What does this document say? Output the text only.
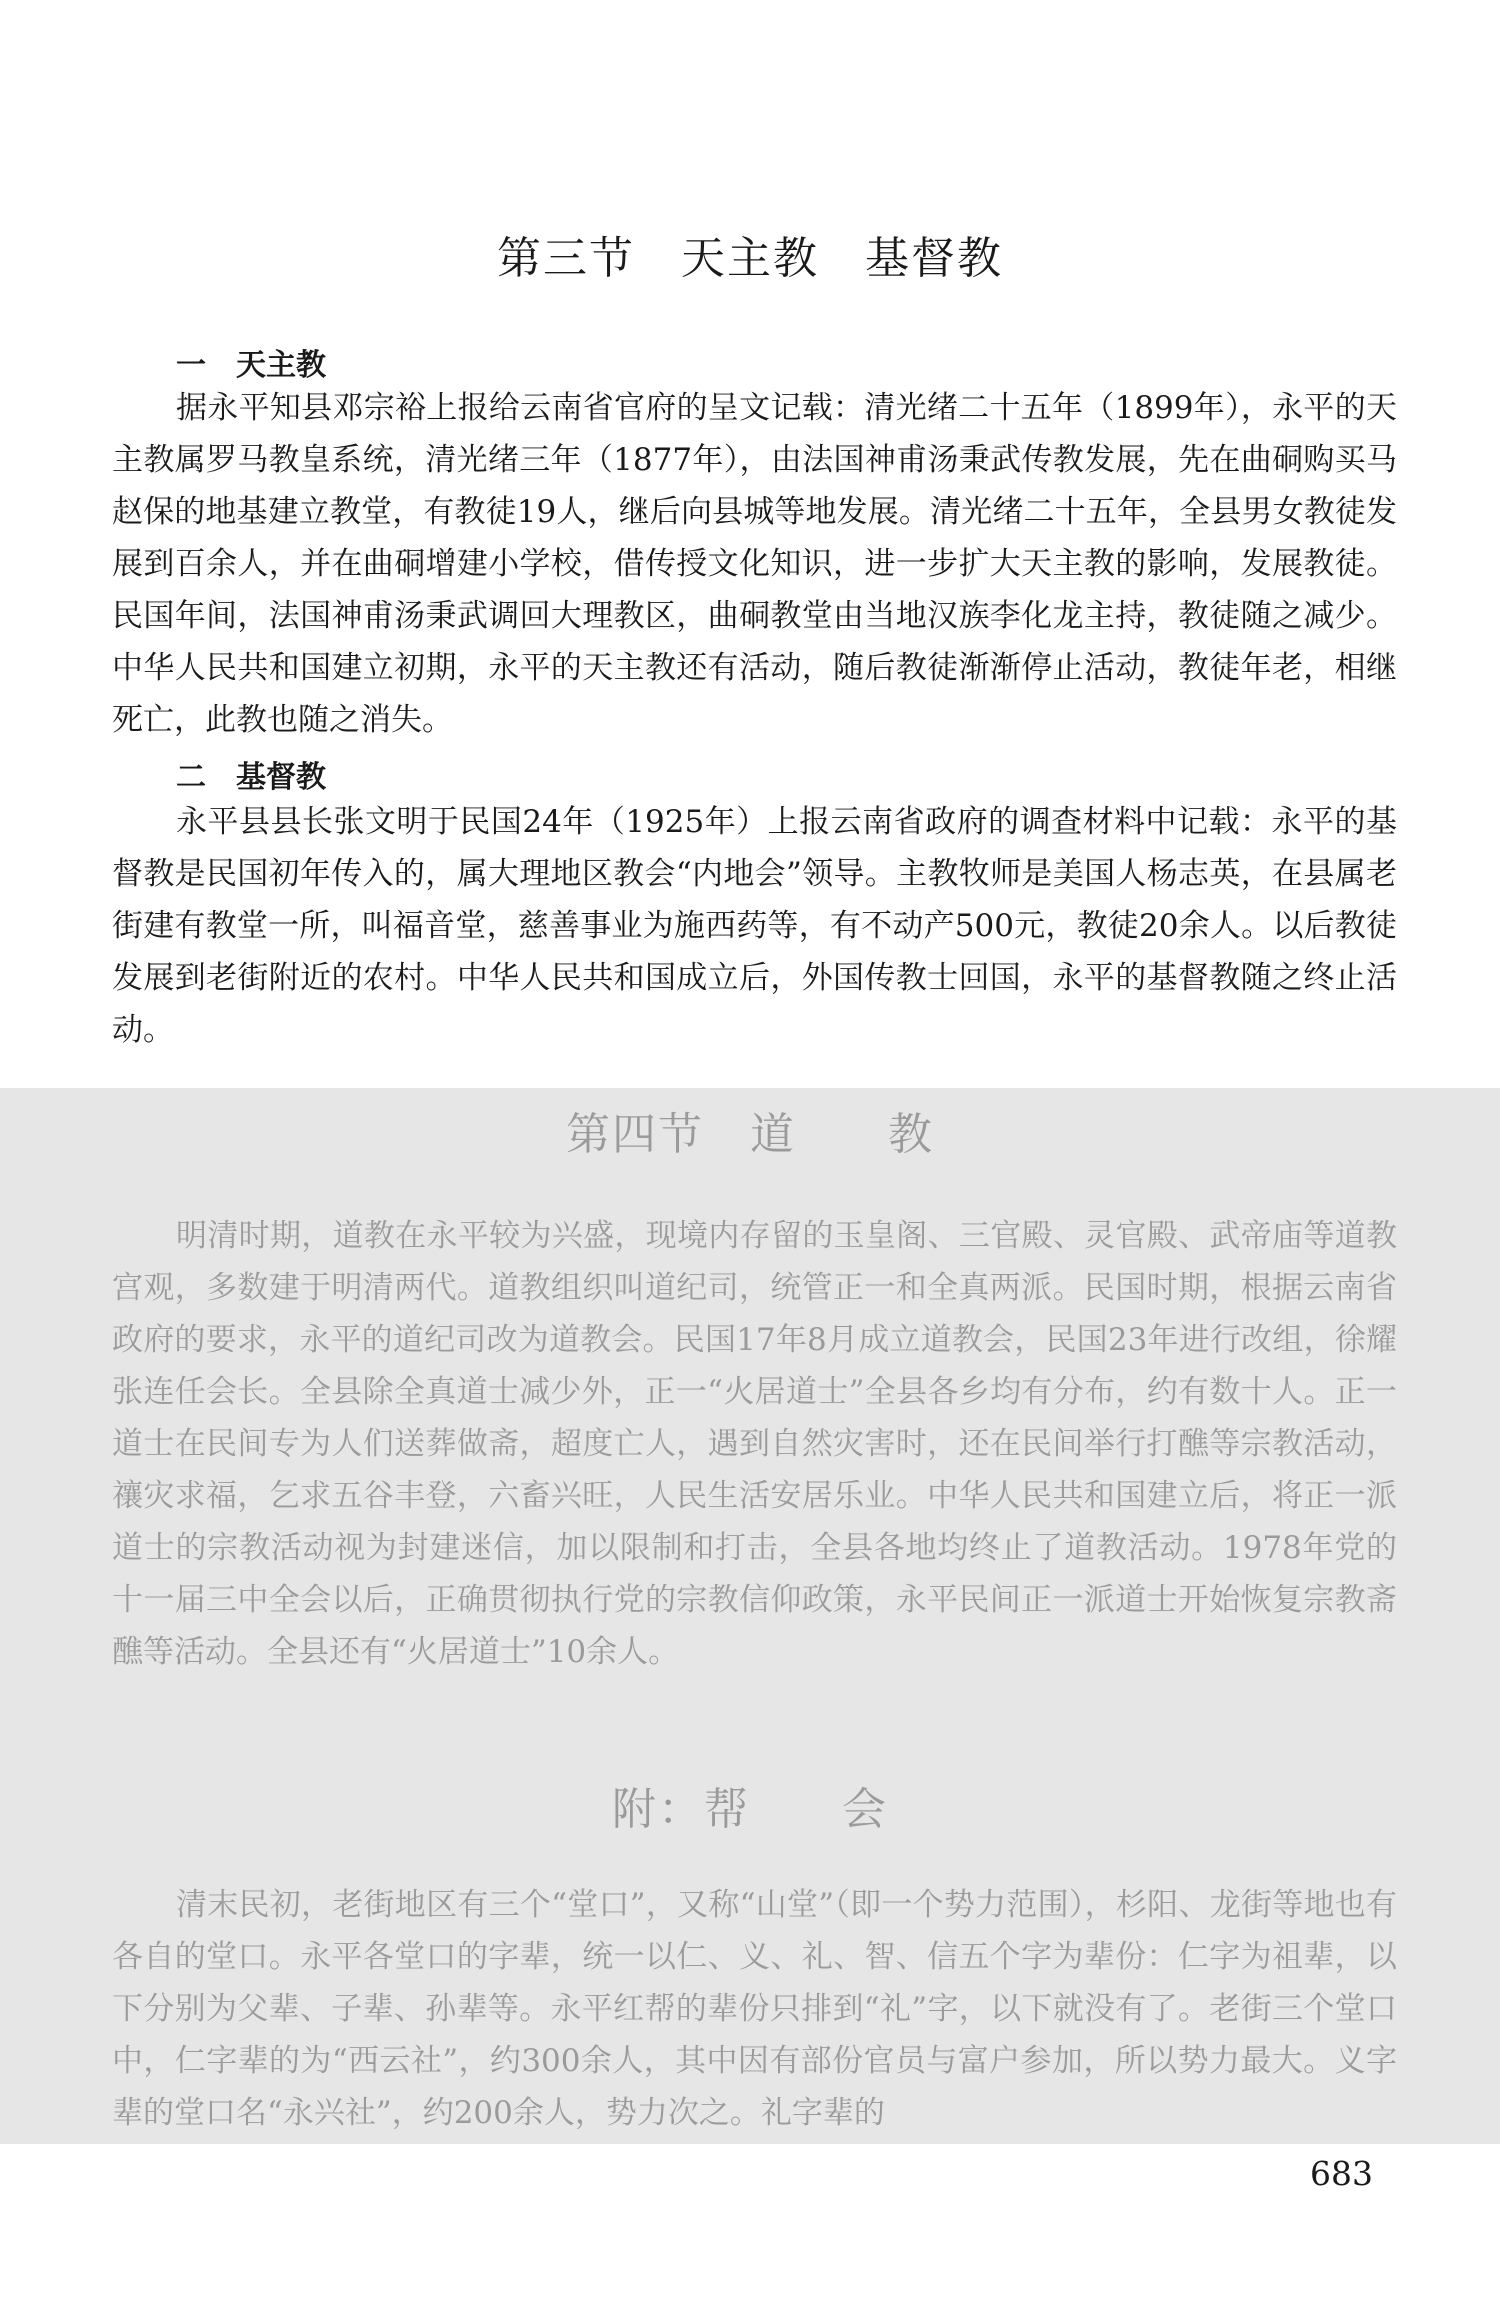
第三节　天主教　基督教
一　天主教

据永平知县邓宗裕上报给云南省官府的呈文记载：清光绪二十五年（1899年），永平的天主教属罗马教皇系统，清光绪三年（1877年），由法国神甫汤秉武传教发展，先在曲硐购买马赵保的地基建立教堂，有教徒19人，继后向县城等地发展。清光绪二十五年，全县男女教徒发展到百余人，并在曲硐增建小学校，借传授文化知识，进一步扩大天主教的影响，发展教徒。民国年间，法国神甫汤秉武调回大理教区，曲硐教堂由当地汉族李化龙主持，教徒随之减少。中华人民共和国建立初期，永平的天主教还有活动，随后教徒渐渐停止活动，教徒年老，相继死亡，此教也随之消失。

二　基督教

永平县县长张文明于民国24年（1925年）上报云南省政府的调查材料中记载：永平的基督教是民国初年传入的，属大理地区教会“内地会”领导。主教牧师是美国人杨志英，在县属老街建有教堂一所，叫福音堂，慈善事业为施西药等，有不动产500元，教徒20余人。以后教徒发展到老街附近的农村。中华人民共和国成立后，外国传教士回国，永平的基督教随之终止活动。

第四节　道　　教

明清时期，道教在永平较为兴盛，现境内存留的玉皇阁、三官殿、灵官殿、武帝庙等道教宫观，多数建于明清两代。道教组织叫道纪司，统管正一和全真两派。民国时期，根据云南省政府的要求，永平的道纪司改为道教会。民国17年8月成立道教会，民国23年进行改组，徐耀张连任会长。全县除全真道士减少外，正一“火居道士”全县各乡均有分布，约有数十人。正一道士在民间专为人们送葬做斋，超度亡人，遇到自然灾害时，还在民间举行打醮等宗教活动，禳灾求福，乞求五谷丰登，六畜兴旺，人民生活安居乐业。中华人民共和国建立后，将正一派道士的宗教活动视为封建迷信，加以限制和打击，全县各地均终止了道教活动。1978年党的十一届三中全会以后，正确贯彻执行党的宗教信仰政策，永平民间正一派道士开始恢复宗教斋醮等活动。全县还有“火居道士”10余人。

附：帮　　会

清末民初，老街地区有三个“堂口”，又称“山堂”（即一个势力范围），杉阳、龙街等地也有各自的堂口。永平各堂口的字辈，统一以仁、义、礼、智、信五个字为辈份：仁字为祖辈，以下分别为父辈、子辈、孙辈等。永平红帮的辈份只排到“礼”字，以下就没有了。老街三个堂口中，仁字辈的为“西云社”，约300余人，其中因有部份官员与富户参加，所以势力最大。义字辈的堂口名“永兴社”，约200余人，势力次之。礼字辈的

683
